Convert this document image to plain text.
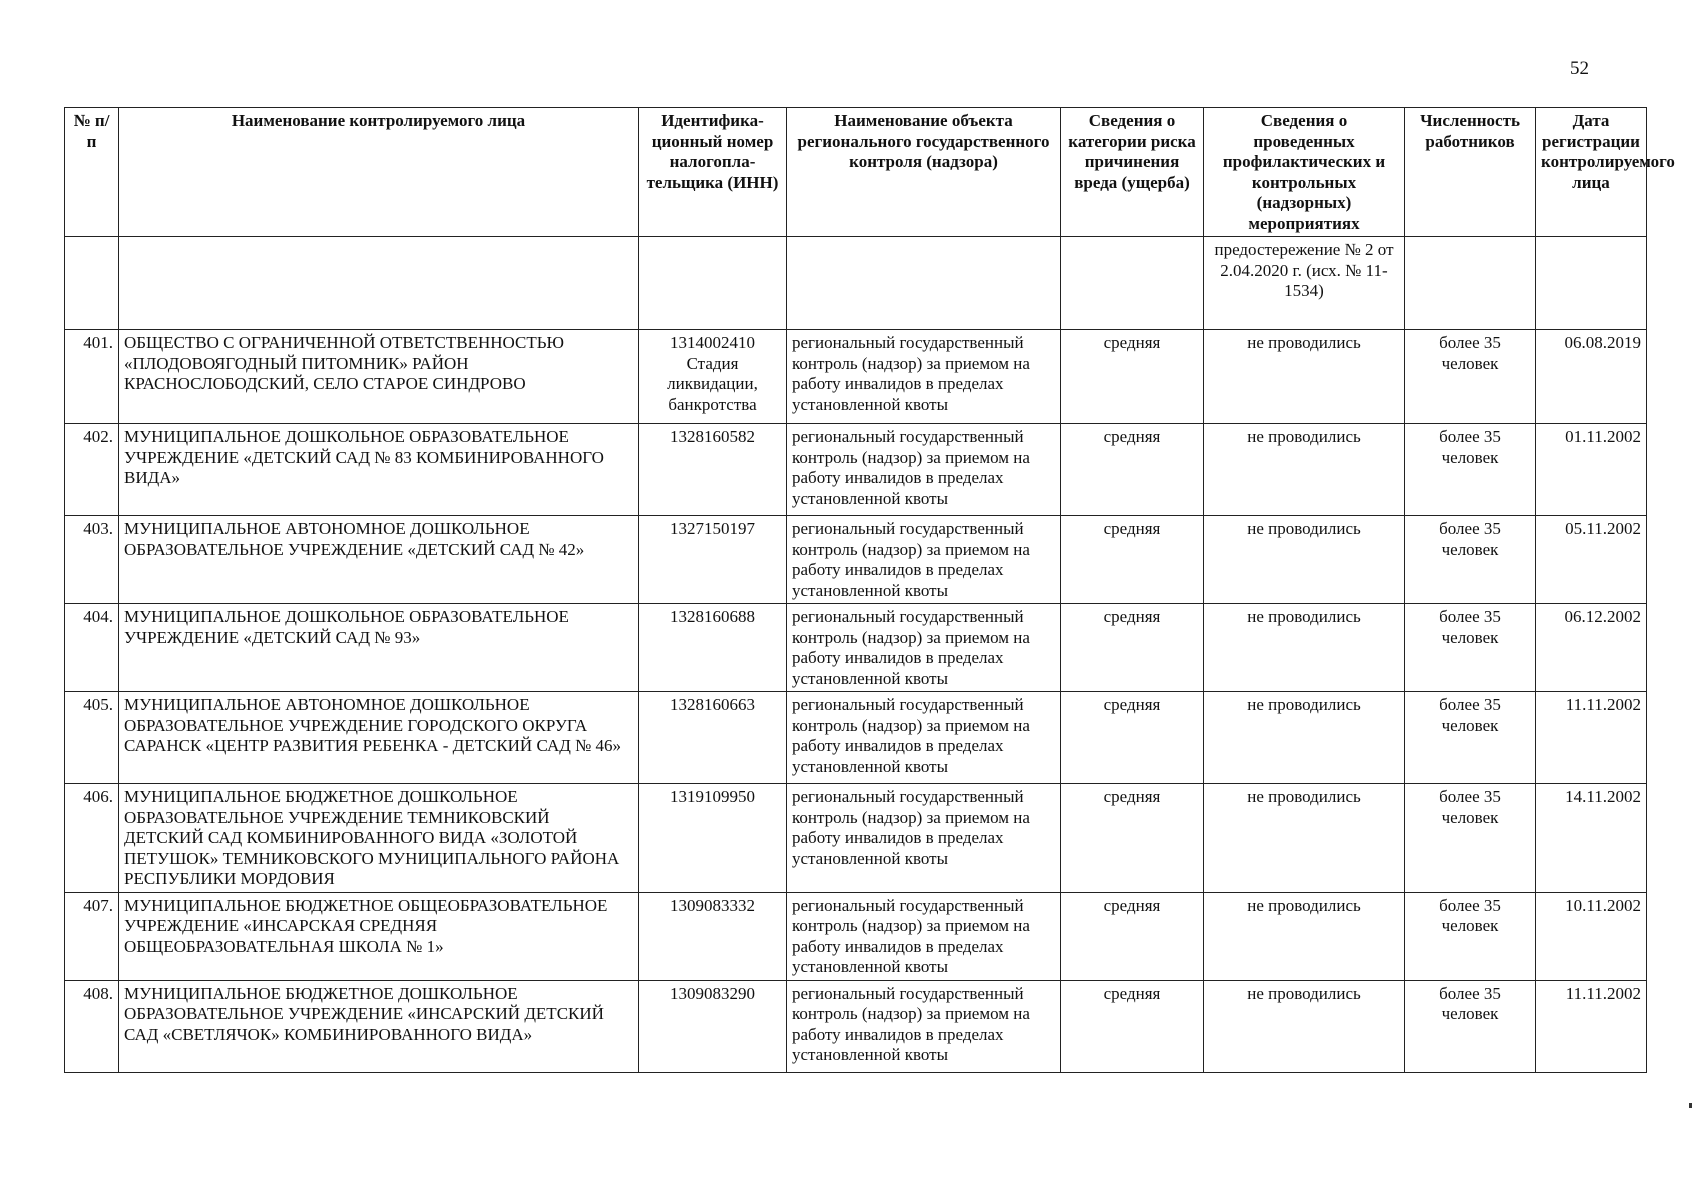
52
№ п/п	Наименование контролируемого лица	Идентифика-ционный номер налогопла-тельщика (ИНН)	Наименование объекта регионального государственного контроля (надзора)	Сведения о категории риска причинения вреда (ущерба)	Сведения о проведенных профилактических и контрольных (надзорных) мероприятиях	Численность работников	Дата регистрации контролируемого лица
					предостережение № 2 от 2.04.2020 г. (исх. № 11-1534)		
401.	ОБЩЕСТВО С ОГРАНИЧЕННОЙ ОТВЕТСТВЕННОСТЬЮ «ПЛОДОВОЯГОДНЫЙ ПИТОМНИК» РАЙОН КРАСНОСЛОБОДСКИЙ, СЕЛО СТАРОЕ СИНДРОВО	1314002410 Стадия ликвидации, банкротства	региональный государственный контроль (надзор) за приемом на работу инвалидов в пределах установленной квоты	средняя	не проводились	более 35 человек	06.08.2019
402.	МУНИЦИПАЛЬНОЕ ДОШКОЛЬНОЕ ОБРАЗОВАТЕЛЬНОЕ УЧРЕЖДЕНИЕ «ДЕТСКИЙ САД № 83 КОМБИНИРОВАННОГО ВИДА»	1328160582	региональный государственный контроль (надзор) за приемом на работу инвалидов в пределах установленной квоты	средняя	не проводились	более 35 человек	01.11.2002
403.	МУНИЦИПАЛЬНОЕ АВТОНОМНОЕ ДОШКОЛЬНОЕ ОБРАЗОВАТЕЛЬНОЕ УЧРЕЖДЕНИЕ «ДЕТСКИЙ САД № 42»	1327150197	региональный государственный контроль (надзор) за приемом на работу инвалидов в пределах установленной квоты	средняя	не проводились	более 35 человек	05.11.2002
404.	МУНИЦИПАЛЬНОЕ ДОШКОЛЬНОЕ ОБРАЗОВАТЕЛЬНОЕ УЧРЕЖДЕНИЕ «ДЕТСКИЙ САД № 93»	1328160688	региональный государственный контроль (надзор) за приемом на работу инвалидов в пределах установленной квоты	средняя	не проводились	более 35 человек	06.12.2002
405.	МУНИЦИПАЛЬНОЕ АВТОНОМНОЕ ДОШКОЛЬНОЕ ОБРАЗОВАТЕЛЬНОЕ УЧРЕЖДЕНИЕ ГОРОДСКОГО ОКРУГА САРАНСК «ЦЕНТР РАЗВИТИЯ РЕБЕНКА - ДЕТСКИЙ САД № 46»	1328160663	региональный государственный контроль (надзор) за приемом на работу инвалидов в пределах установленной квоты	средняя	не проводились	более 35 человек	11.11.2002
406.	МУНИЦИПАЛЬНОЕ БЮДЖЕТНОЕ ДОШКОЛЬНОЕ ОБРАЗОВАТЕЛЬНОЕ УЧРЕЖДЕНИЕ ТЕМНИКОВСКИЙ ДЕТСКИЙ САД КОМБИНИРОВАННОГО ВИДА «ЗОЛОТОЙ ПЕТУШОК» ТЕМНИКОВСКОГО МУНИЦИПАЛЬНОГО РАЙОНА РЕСПУБЛИКИ МОРДОВИЯ	1319109950	региональный государственный контроль (надзор) за приемом на работу инвалидов в пределах установленной квоты	средняя	не проводились	более 35 человек	14.11.2002
407.	МУНИЦИПАЛЬНОЕ БЮДЖЕТНОЕ ОБЩЕОБРАЗОВАТЕЛЬНОЕ УЧРЕЖДЕНИЕ «ИНСАРСКАЯ СРЕДНЯЯ ОБЩЕОБРАЗОВАТЕЛЬНАЯ ШКОЛА № 1»	1309083332	региональный государственный контроль (надзор) за приемом на работу инвалидов в пределах установленной квоты	средняя	не проводились	более 35 человек	10.11.2002
408.	МУНИЦИПАЛЬНОЕ БЮДЖЕТНОЕ ДОШКОЛЬНОЕ ОБРАЗОВАТЕЛЬНОЕ УЧРЕЖДЕНИЕ «ИНСАРСКИЙ ДЕТСКИЙ САД «СВЕТЛЯЧОК» КОМБИНИРОВАННОГО ВИДА»	1309083290	региональный государственный контроль (надзор) за приемом на работу инвалидов в пределах установленной квоты	средняя	не проводились	более 35 человек	11.11.2002
